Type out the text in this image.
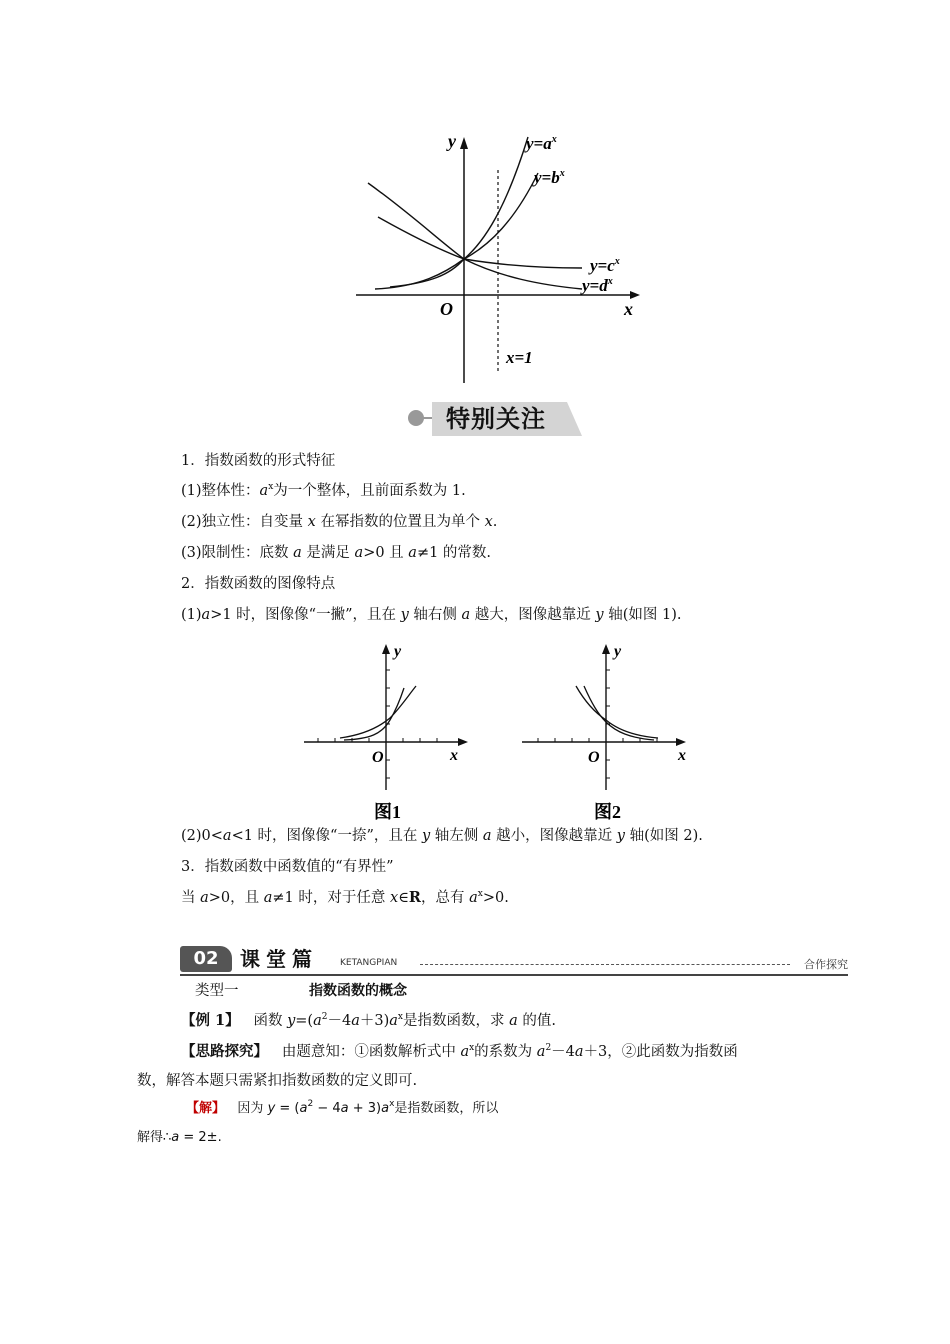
y
x
O
x=1
$y=a^x$
$y=b^x$
$y=c^x$
$y=d^x$
特别关注
1．指数函数的形式特征
(1)整体性：$a^x$为一个整体，且前面系数为 1.
(2)独立性：自变量 x 在幂指数的位置且为单个 x.
(3)限制性：底数 a 是满足 a>0 且 a≠1 的常数.
2．指数函数的图像特点
(1)a>1 时，图像像“一撇”，且在 y 轴右侧 a 越大，图像越靠近 y 轴(如图 1).
y
x
O
图1
y
x
O
图2
(2)0<a<1 时，图像像“一捺”，且在 y 轴左侧 a 越小，图像越靠近 y 轴(如图 2).
3．指数函数中函数值的“有界性”
当 a>0，且 a≠1 时，对于任意 x∈R，总有 $a^x>0$.
02	课堂篇 KETANGPIAN	合作探究
类型一	指数函数的概念
【例 1】 函数 $y=(a^2-4a+3)a^x$是指数函数，求 a 的值.
【思路探究】 由题意知：①函数解析式中 $a^x$的系数为 $a^2-4a+3$，②此函数为指数函
数，解答本题只需紧扣指数函数的定义即可.
【解】 因为 $y = (a^2 - 4a + 3)a^x$是指数函数，所以
解得∴a = 2±.
